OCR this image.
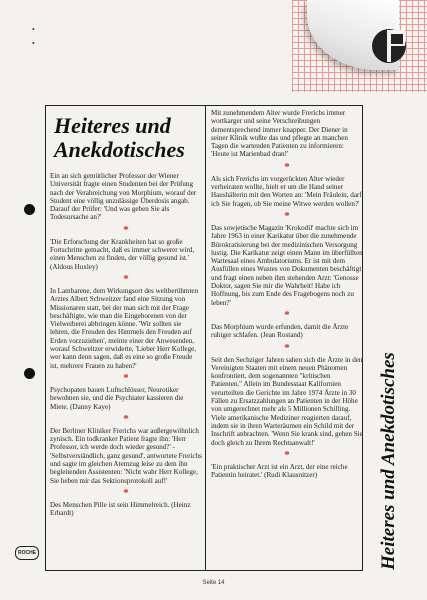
•
•
Heiteres und Anekdotisches

Ein an sich gemütlicher Professor der Wiener Universität fragte einen Studenten bei der Prüfung nach der Verabreichung von Morphium, worauf der Student eine völlig unzulässige Überdosis angab. Darauf der Prüfer: 'Und was geben Sie als Todesursache an?'

*

'Die Erforschung der Krankheiten hat so große Fortschritte gemacht, daß es immer schwerer wird, einen Menschen zu finden, der völlig gesund ist.' (Aldous Huxley)

*

In Lambarene, dem Wirkungsort des weltberühmten Arztes Albert Schweitzer fand eine Sitzung von Missionaren statt, bei der man sich mit der Frage beschäftigte, wie man die Eingeborenen von der Vielweiberei abbringen könne. 'Wir sollten sie lehren, die Freuden des Himmels den Freuden auf Erden vorzuziehen', meinte einer der Anwesenden, worauf Schweitzer erwiderte, 'Lieber Herr Kollege, wer kann denn sagen, daß es eine so große Freude ist, mehrere Frauen zu haben?'

*

Psychopaten bauen Luftschlösser, Neurotiker bewohnen sie, und die Psychiater kassieren die Miete. (Danny Kaye)

*

Der Berliner Kliniker Frerichs war außergewöhnlich zynisch. Ein todkranker Patient fragte ihn: 'Herr Professor, ich werde doch wieder gesund?' - 'Selbstverständlich, ganz gesund', antwortete Frerichs und sagte im gleichen Atemzug leise zu dem ihn begleitenden Assistenten: 'Nicht wahr Herr Kollege, Sie heben mir das Sektionsprotokoll auf!'

*

Des Menschen Pille ist sein Himmelreich. (Heinz Erhardt)

Mit zunehmendem Alter wurde Frerichs immer wortkarger und seine Verschreibungen dementsprechend immer knapper. Der Diener in seiner Klinik wußte das und pflegte an manchen Tagen die wartenden Patienten zu informieren: 'Heute ist Marienbad dran!'

*

Als sich Frerichs im vorgerückten Alter wieder verheiraten wollte, hielt er um die Hand seiner Haushälterin mit den Worten an: 'Mein Fräulein, darf ich Sie fragen, ob Sie meine Witwe werden wollen?'

*

Das sowjetische Magazin 'Krokodil' machte sich im Jahre 1963 in einer Karikatur über die zunehmende Bürokratisierung bei der medizinischen Versorgung lustig. Die Karikatur zeigt einen Mann im überfüllten Wartesaal eines Ambulatoriums. Er ist mit dem Ausfüllen eines Wustes von Dokumenten beschäftigt und fragt einen neben ihm stehenden Arzt: 'Genosse Doktor, sagen Sie mir die Wahrheit! Habe ich Hoffnung, bis zum Ende des Fragebogens noch zu leben?'

*

Das Morphium wurde erfunden, damit die Ärzte ruhiger schlafen. (Jean Rostand)

*

Seit den Sechziger Jahren sahen sich die Ärzte in den Vereinigten Staaten mit einem neuen Phänomen konfrontiert, dem sogenannten "kritischen Patienten." Allein im Bundesstaat Kalifornien verurteilten die Gerichte im Jahre 1974 Ärzte in 30 Fällen zu Ersatzzahlungen an Patienten in der Höhe von umgerechnet mehr als 5 Millionen Schilling. Viele amerikanische Mediziner reagierten darauf, indem sie in ihren Warteräumen ein Schild mit der Inschrift anbrachten. 'Wenn Sie krank sind, gehen Sie doch gleich zu Ihrem Rechtsanwalt!'

*

'Ein praktischer Arzt ist ein Arzt, der eine reiche Patientin heiratet.' (Rudi Klausnitzer)	Heiteres und Anekdotisches
ROCHE
Seite 14
